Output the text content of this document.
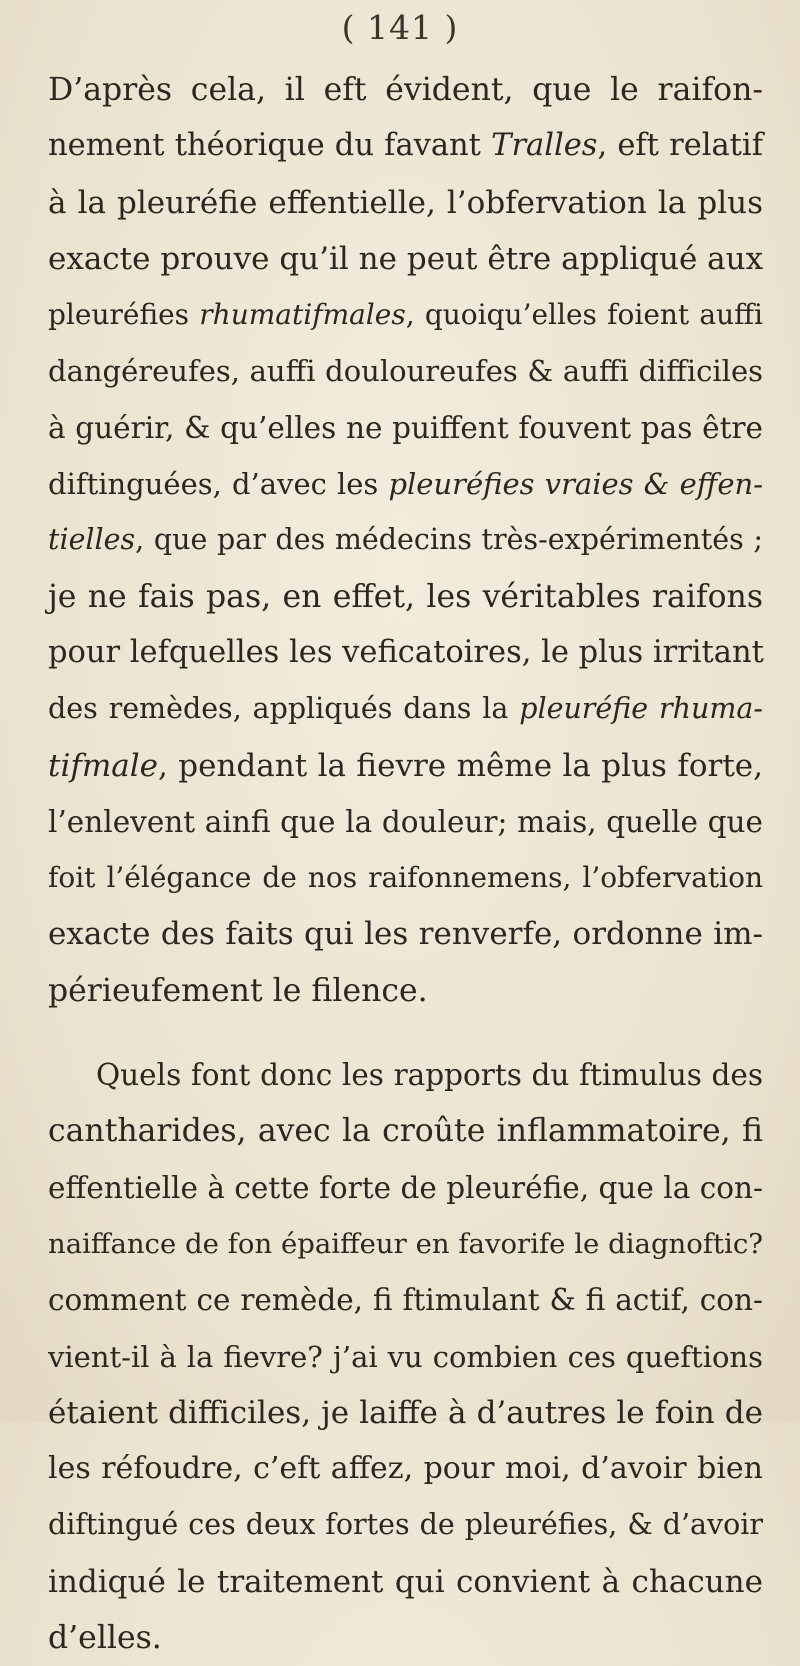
( 141 )
D’après cela, il eft évident, que le raifon-
nement théorique du favant Tralles, eft relatif
à la pleuréfie effentielle, l’obfervation la plus
exacte prouve qu’il ne peut être appliqué aux
pleuréfies rhumatifmales, quoiqu’elles foient auffi
dangéreufes, auffi douloureufes & auffi difficiles
à guérir, & qu’elles ne puiffent fouvent pas être
diftinguées, d’avec les pleuréfies vraies & effen-
tielles, que par des médecins très-expérimentés ;
je ne fais pas, en effet, les véritables raifons
pour lefquelles les veficatoires, le plus irritant
des remèdes, appliqués dans la pleuréfie rhuma-
tifmale, pendant la fievre même la plus forte,
l’enlevent ainfi que la douleur; mais, quelle que
foit l’élégance de nos raifonnemens, l’obfervation
exacte des faits qui les renverfe, ordonne im-
périeufement le filence.
Quels font donc les rapports du ftimulus des
cantharides, avec la croûte inflammatoire, fi
effentielle à cette forte de pleuréfie, que la con-
naiffance de fon épaiffeur en favorife le diagnoftic?
comment ce remède, fi ftimulant & fi actif, con-
vient-il à la fievre? j’ai vu combien ces queftions
étaient difficiles, je laiffe à d’autres le foin de
les réfoudre, c’eft affez, pour moi, d’avoir bien
diftingué ces deux fortes de pleuréfies, & d’avoir
indiqué le traitement qui convient à chacune
d’elles.
